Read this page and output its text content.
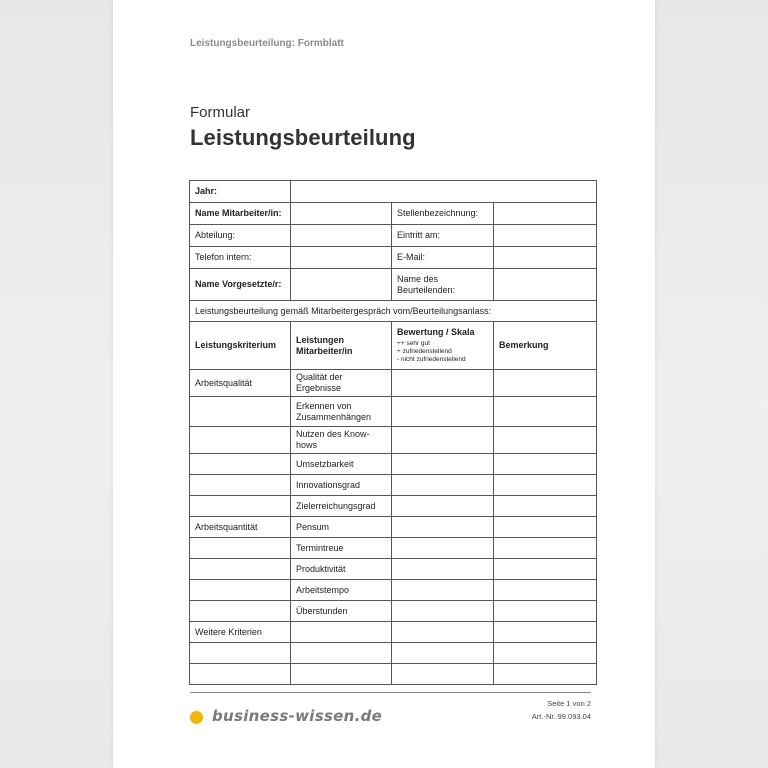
Leistungsbeurteilung: Formblatt
Formular
Leistungsbeurteilung
Jahr:			
Name Mitarbeiter/in:		Stellenbezeichnung:	
Abteilung:		Eintritt am:	
Telefon intern:		E-Mail:	
Name Vorgesetzte/r:		Name des Beurteilenden:	
Leistungsbeurteilung gemäß Mitarbeitergespräch vom/Beurteilungsanlass:			
Leistungskriterium	Leistungen Mitarbeiter/in	Bewertung / Skala
++ sehr gut
+ zufriedenstellend
- nicht zufriedenstellend	Bemerkung
Arbeitsqualität	Qualität der Ergebnisse		
	Erkennen von Zusammenhängen		
	Nutzen des Know-hows		
	Umsetzbarkeit		
	Innovationsgrad		
	Zielerreichungsgrad		
Arbeitsquantität	Pensum		
	Termintreue		
	Produktivität		
	Arbeitstempo		
	Überstunden		
Weitere Kriterien			

business-wissen.de
Seite 1 von 2
Art.-Nr. 99.093.04
